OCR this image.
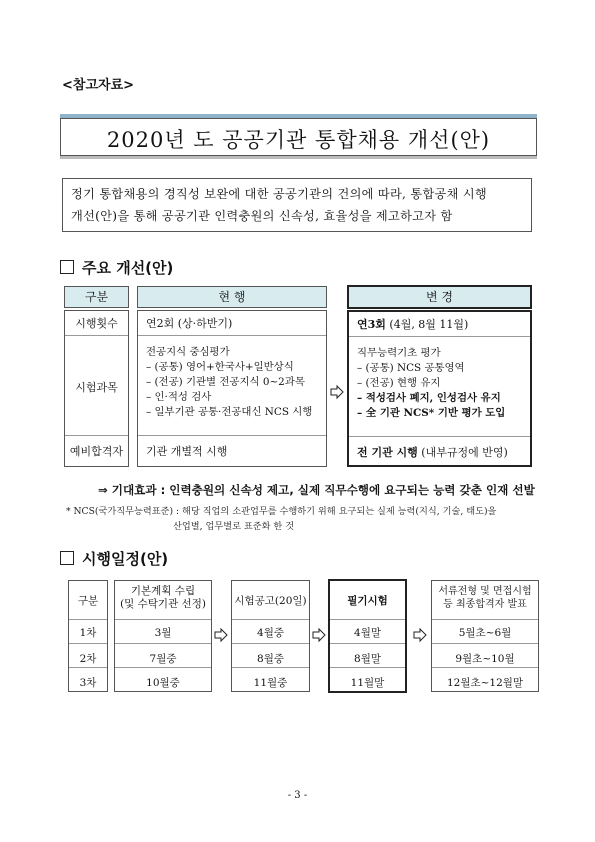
<참고자료>
2020년 도 공공기관 통합채용 개선(안)
정기 통합채용의 경직성 보완에 대한 공공기관의 건의에 따라, 통합공채 시행
개선(안)을 통해 공공기관 인력충원의 신속성, 효율성을 제고하고자 함
주요 개선(안)
구분
시행횟수
시험과목
예비합격자
현 행
연2회 (상·하반기)
전공지식 중심평가
– (공통) 영어+한국사+일반상식
– (전공) 기관별 전공지식 0~2과목
– 인·적성 검사
– 일부기관 공통·전공대신 NCS 시행
기관 개별적 시행
변 경
연3회 (4월, 8월 11월)
직무능력기초 평가
– (공통) NCS 공통영역
– (전공) 현행 유지
– 적성검사 폐지, 인성검사 유지
– 全 기관 NCS* 기반 평가 도입
전 기관 시행 (내부규정에 반영)
⇒ 기대효과 : 인력충원의 신속성 제고, 실제 직무수행에 요구되는 능력 갖춘 인재 선발
* NCS(국가직무능력표준) : 해당 직업의 소관업무를 수행하기 위해 요구되는 실제 능력(지식, 기술, 태도)을
산업별, 업무별로 표준화 한 것
시행일정(안)
구분
1차
2차
3차
기본계획 수립
(및 수탁기관 선정)
3월
7월중
10월중
시험공고(20일)
4월중
8월중
11월중
필기시험
4월말
8월말
11월말
서류전형 및 면접시험
등 최종합격자 발표
5월초~6월
9월초~10월
12월초~12월말
- 3 -
